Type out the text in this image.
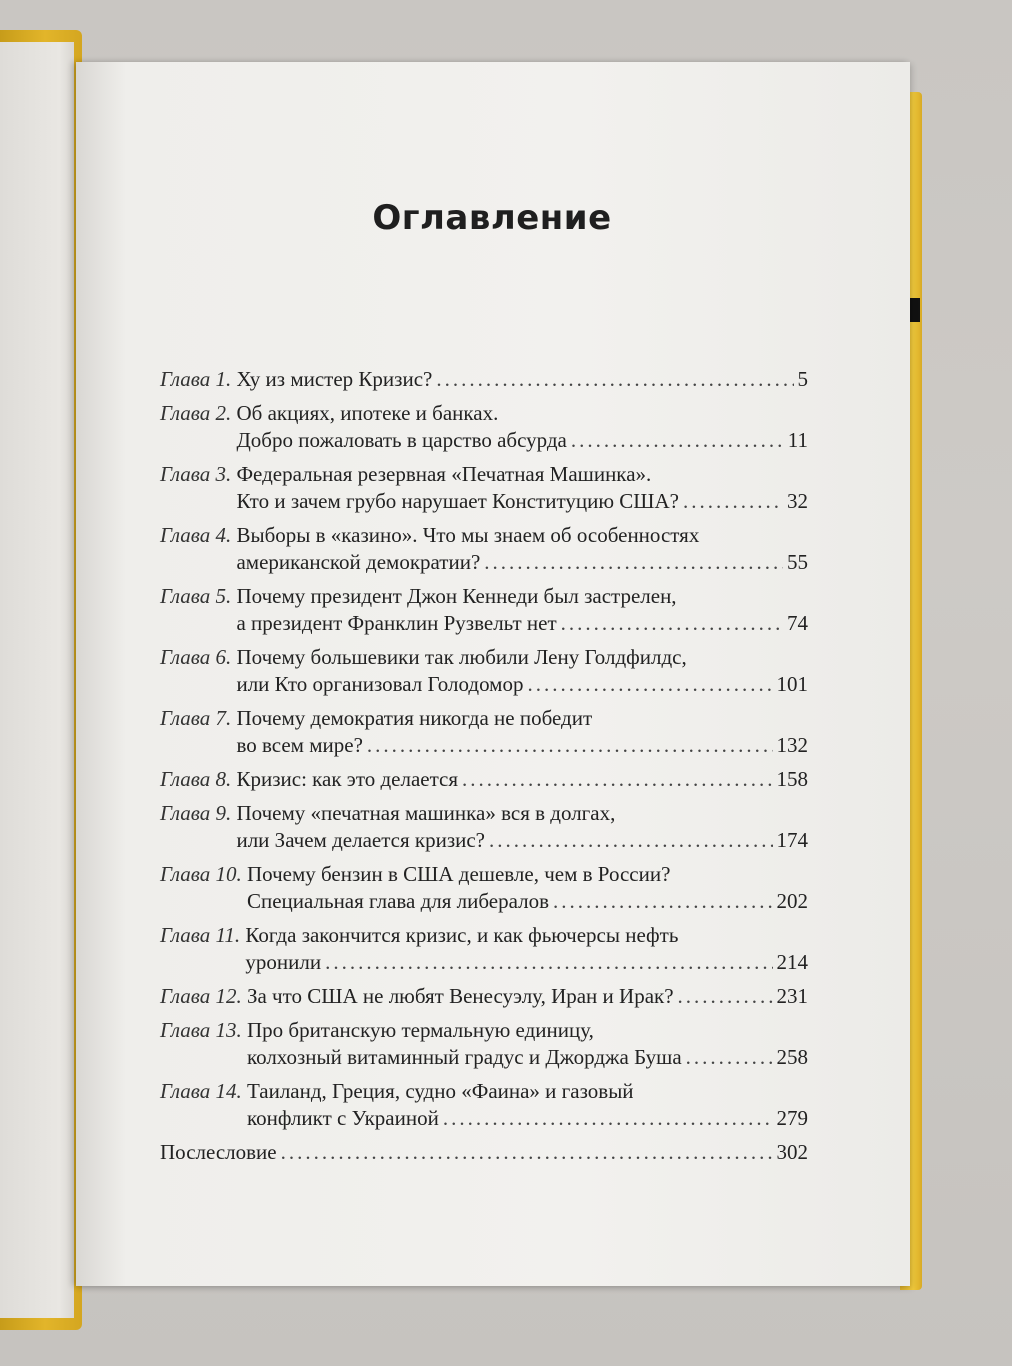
Оглавление
Глава 1. Ху из мистер Кризис? .....	5
Глава 2. Об акциях, ипотеке и банках.
Добро пожаловать в царство абсурда .....	11
Глава 3. Федеральная резервная «Печатная Машинка».
Кто и зачем грубо нарушает Конституцию США? .....	32
Глава 4. Выборы в «казино». Что мы знаем об особенностях
американской демократии? .....	55
Глава 5. Почему президент Джон Кеннеди был застрелен,
а президент Франклин Рузвельт нет .....	74
Глава 6. Почему большевики так любили Лену Голдфилдс,
или Кто организовал Голодомор .....	101
Глава 7. Почему демократия никогда не победит
во всем мире? .....	132
Глава 8. Кризис: как это делается .....	158
Глава 9. Почему «печатная машинка» вся в долгах,
или Зачем делается кризис? .....	174
Глава 10. Почему бензин в США дешевле, чем в России?
Специальная глава для либералов .....	202
Глава 11. Когда закончится кризис, и как фьючерсы нефть
уронили .....	214
Глава 12. За что США не любят Венесуэлу, Иран и Ирак? .....	231
Глава 13. Про британскую термальную единицу,
колхозный витаминный градус и Джорджа Буша .....	258
Глава 14. Таиланд, Греция, судно «Фаина» и газовый
конфликт с Украиной .....	279
Послесловие .....	302
